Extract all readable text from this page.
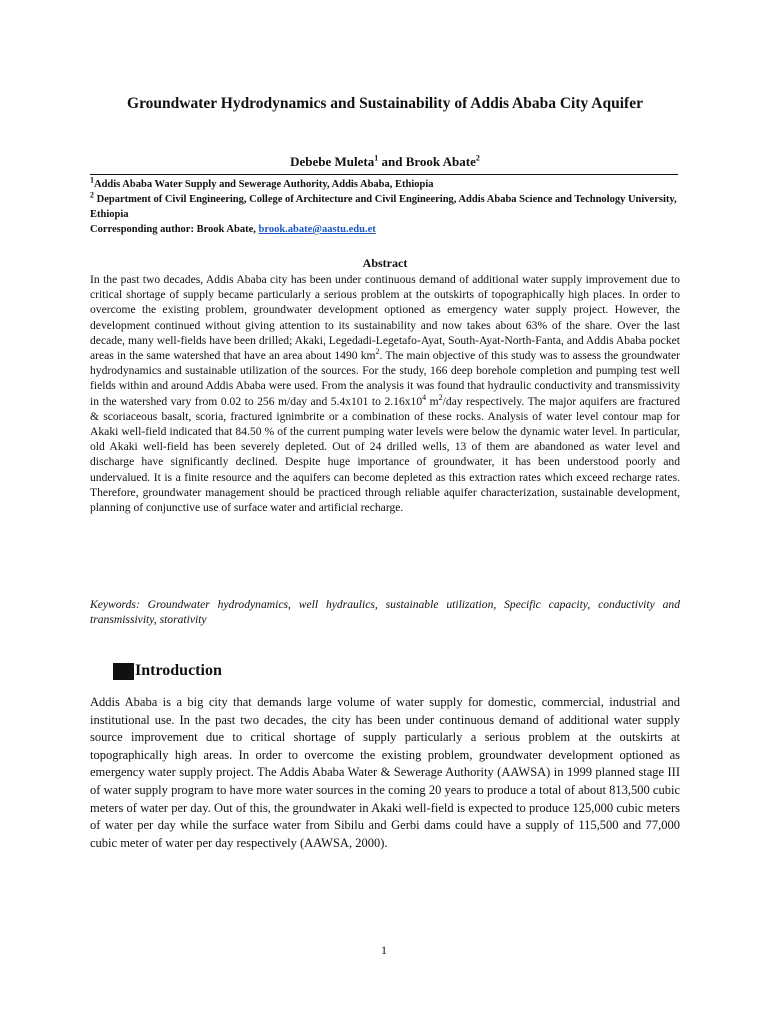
Groundwater Hydrodynamics and Sustainability of Addis Ababa City Aquifer
Debebe Muleta$^1$ and Brook Abate$^2$

$^1$Addis Ababa Water Supply and Sewerage Authority, Addis Ababa, Ethiopia

$^2$ Department of Civil Engineering, College of Architecture and Civil Engineering, Addis Ababa Science and Technology University, Ethiopia

Corresponding author: Brook Abate, brook.abate@aastu.edu.et

Abstract

In the past two decades, Addis Ababa city has been under continuous demand of additional water supply improvement due to critical shortage of supply became particularly a serious problem at the outskirts of topographically high places. In order to overcome the existing problem, groundwater development optioned as emergency water supply project. However, the development continued without giving attention to its sustainability and now takes about 63% of the share. Over the last decade, many well-fields have been drilled; Akaki, Legedadi-Legetafo-Ayat, South-Ayat-North-Fanta, and Addis Ababa pocket areas in the same watershed that have an area about 1490 $km^2$. The main objective of this study was to assess the groundwater hydrodynamics and sustainable utilization of the sources. For the study, 166 deep borehole completion and pumping test well fields within and around Addis Ababa were used. From the analysis it was found that hydraulic conductivity and transmissivity in the watershed vary from 0.02 to 256 m/day and 5.4x101 to $2.16x10^4$ $m^2$/day respectively. The major aquifers are fractured & scoriaceous basalt, scoria, fractured ignimbrite or a combination of these rocks. Analysis of water level contour map for Akaki well-field indicated that 84.50 % of the current pumping water levels were below the dynamic water level. In particular, old Akaki well-field has been severely depleted. Out of 24 drilled wells, 13 of them are abandoned as water level and discharge have significantly declined. Despite huge importance of groundwater, it has been understood poorly and undervalued. It is a finite resource and the aquifers can become depleted as this extraction rates which exceed recharge rates. Therefore, groundwater management should be practiced through reliable aquifer characterization, sustainable development, planning of conjunctive use of surface water and artificial recharge.

Keywords: Groundwater hydrodynamics, well hydraulics, sustainable utilization, Specific capacity, conductivity and transmissivity, storativity

Introduction

Addis Ababa is a big city that demands large volume of water supply for domestic, commercial, industrial and institutional use. In the past two decades, the city has been under continuous demand of additional water supply source improvement due to critical shortage of supply particularly a serious problem at the outskirts at topographically high areas. In order to overcome the existing problem, groundwater development optioned as emergency water supply project. The Addis Ababa Water & Sewerage Authority (AAWSA) in 1999 planned stage III of water supply program to have more water sources in the coming 20 years to produce a total of about 813,500 cubic meters of water per day. Out of this, the groundwater in Akaki well-field is expected to produce 125,000 cubic meters of water per day while the surface water from Sibilu and Gerbi dams could have a supply of 115,500 and 77,000 cubic meter of water per day respectively (AAWSA, 2000).

1
